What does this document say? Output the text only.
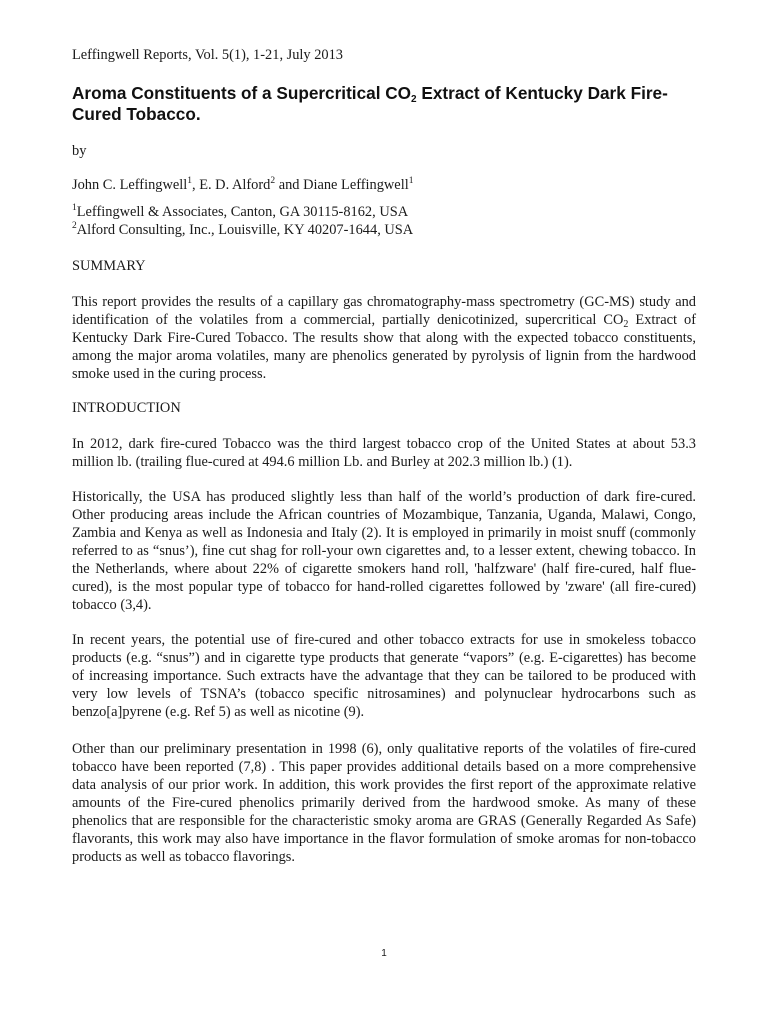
Leffingwell Reports, Vol. 5(1), 1-21, July 2013

Aroma Constituents of a Supercritical $CO_2$ Extract of Kentucky Dark Fire-
Cured Tobacco.

by

John C. Leffingwell$^1$, E. D. Alford$^2$ and Diane Leffingwell$^1$

$^1$Leffingwell & Associates, Canton, GA 30115-8162, USA
$^2$Alford Consulting, Inc., Louisville, KY 40207-1644, USA

SUMMARY

This report provides the results of a capillary gas chromatography-mass spectrometry (GC-MS) study and identification of the volatiles from a commercial, partially denicotinized, supercritical $CO_2$ Extract of Kentucky Dark Fire-Cured Tobacco. The results show that along with the expected tobacco constituents, among the major aroma volatiles, many are phenolics generated by pyrolysis of lignin from the hardwood smoke used in the curing process.

INTRODUCTION

In 2012, dark fire-cured Tobacco was the third largest tobacco crop of the United States at about 53.3 million lb. (trailing flue-cured at 494.6 million Lb. and Burley at 202.3 million lb.) (1).

Historically, the USA has produced slightly less than half of the world’s production of dark fire-cured. Other producing areas include the African countries of Mozambique, Tanzania, Uganda, Malawi, Congo, Zambia and Kenya as well as Indonesia and Italy (2). It is employed in primarily in moist snuff (commonly referred to as “snus’), fine cut shag for roll-your own cigarettes and, to a lesser extent, chewing tobacco. In the Netherlands, where about 22% of cigarette smokers hand roll, 'halfzware' (half fire-cured, half flue-cured), is the most popular type of tobacco for hand-rolled cigarettes followed by 'zware' (all fire-cured) tobacco (3,4).

In recent years, the potential use of fire-cured and other tobacco extracts for use in smokeless tobacco products (e.g. “snus”) and in cigarette type products that generate “vapors” (e.g. E-cigarettes) has become of increasing importance. Such extracts have the advantage that they can be tailored to be produced with very low levels of TSNA’s (tobacco specific nitrosamines) and polynuclear hydrocarbons such as benzo[a]pyrene (e.g. Ref 5) as well as nicotine (9).

Other than our preliminary presentation in 1998 (6), only qualitative reports of the volatiles of fire-cured tobacco have been reported (7,8) . This paper provides additional details based on a more comprehensive data analysis of our prior work. In addition, this work provides the first report of the approximate relative amounts of the Fire-cured phenolics primarily derived from the hardwood smoke. As many of these phenolics that are responsible for the characteristic smoky aroma are GRAS (Generally Regarded As Safe) flavorants, this work may also have importance in the flavor formulation of smoke aromas for non-tobacco products as well as tobacco flavorings.

1
